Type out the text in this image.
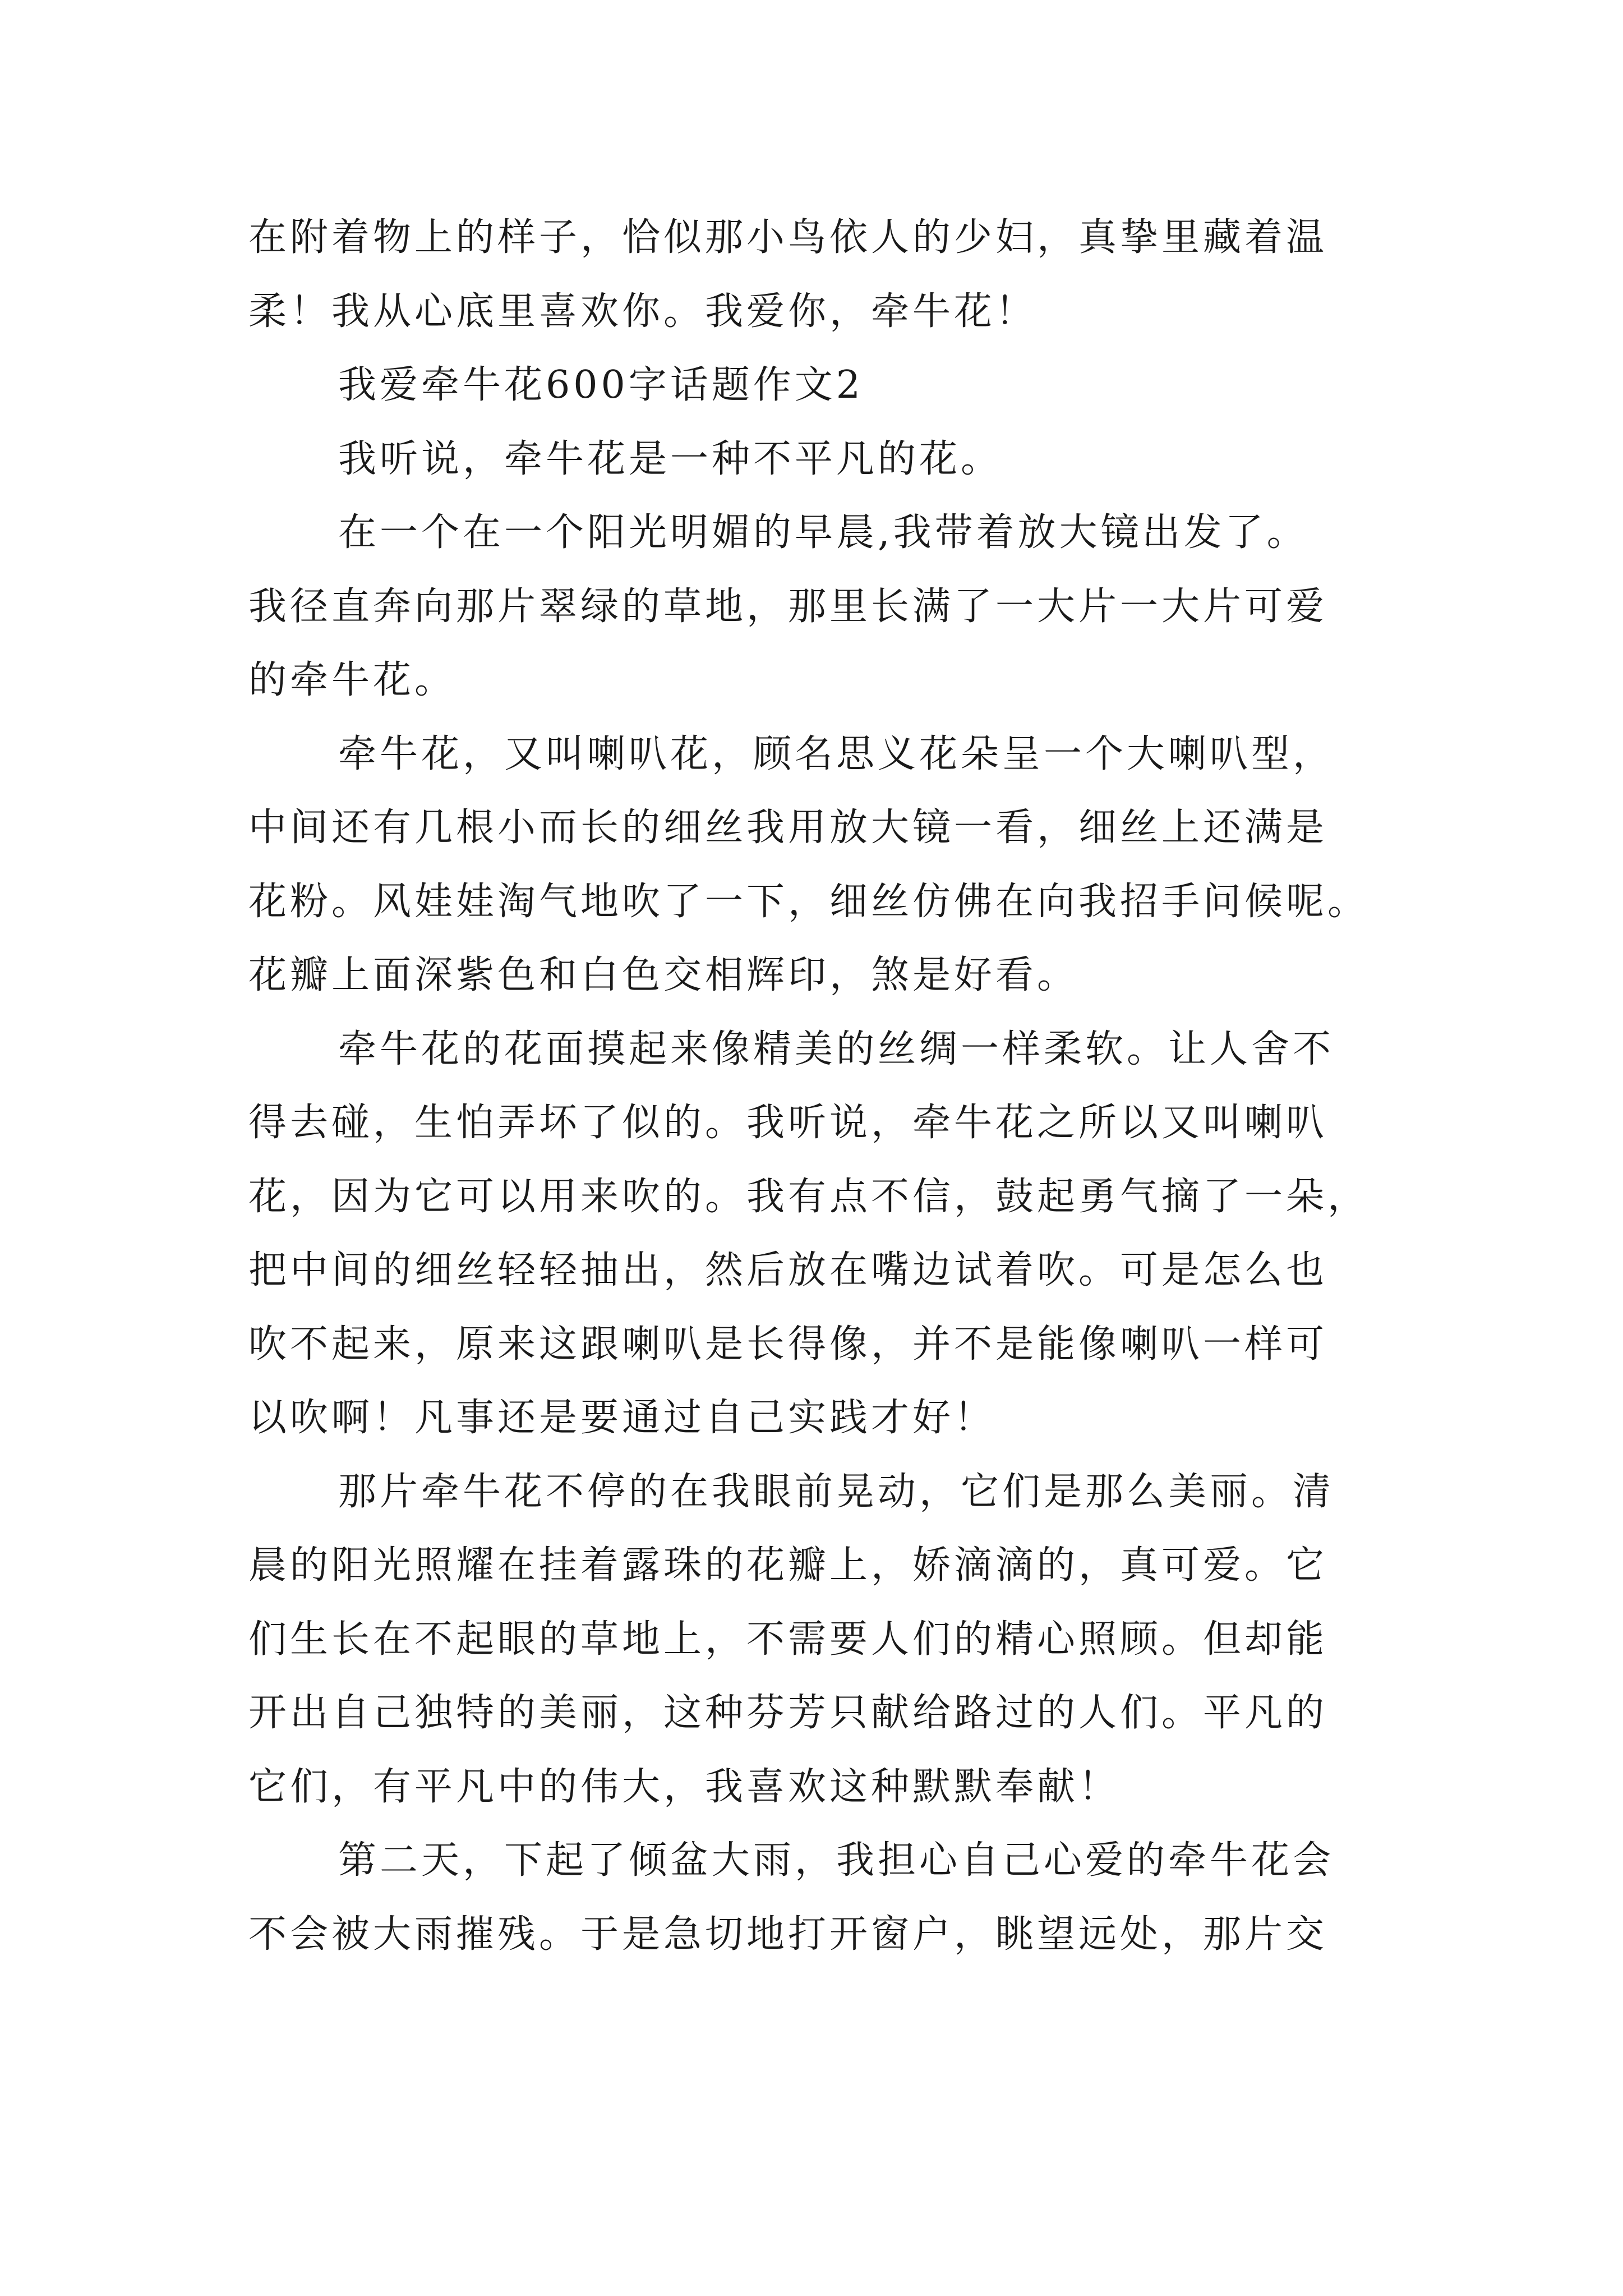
在附着物上的样子，恰似那小鸟依人的少妇，真挚里藏着温
柔！我从心底里喜欢你。我爱你，牵牛花！
我爱牵牛花600字话题作文2
我听说，牵牛花是一种不平凡的花。
在一个在一个阳光明媚的早晨,我带着放大镜出发了。
我径直奔向那片翠绿的草地，那里长满了一大片一大片可爱
的牵牛花。
牵牛花，又叫喇叭花，顾名思义花朵呈一个大喇叭型，
中间还有几根小而长的细丝我用放大镜一看，细丝上还满是
花粉。风娃娃淘气地吹了一下，细丝仿佛在向我招手问候呢。
花瓣上面深紫色和白色交相辉印，煞是好看。
牵牛花的花面摸起来像精美的丝绸一样柔软。让人舍不
得去碰，生怕弄坏了似的。我听说，牵牛花之所以又叫喇叭
花，因为它可以用来吹的。我有点不信，鼓起勇气摘了一朵，
把中间的细丝轻轻抽出，然后放在嘴边试着吹。可是怎么也
吹不起来，原来这跟喇叭是长得像，并不是能像喇叭一样可
以吹啊！凡事还是要通过自己实践才好！
那片牵牛花不停的在我眼前晃动，它们是那么美丽。清
晨的阳光照耀在挂着露珠的花瓣上，娇滴滴的，真可爱。它
们生长在不起眼的草地上，不需要人们的精心照顾。但却能
开出自己独特的美丽，这种芬芳只献给路过的人们。平凡的
它们，有平凡中的伟大，我喜欢这种默默奉献！
第二天，下起了倾盆大雨，我担心自己心爱的牵牛花会
不会被大雨摧残。于是急切地打开窗户，眺望远处，那片交
